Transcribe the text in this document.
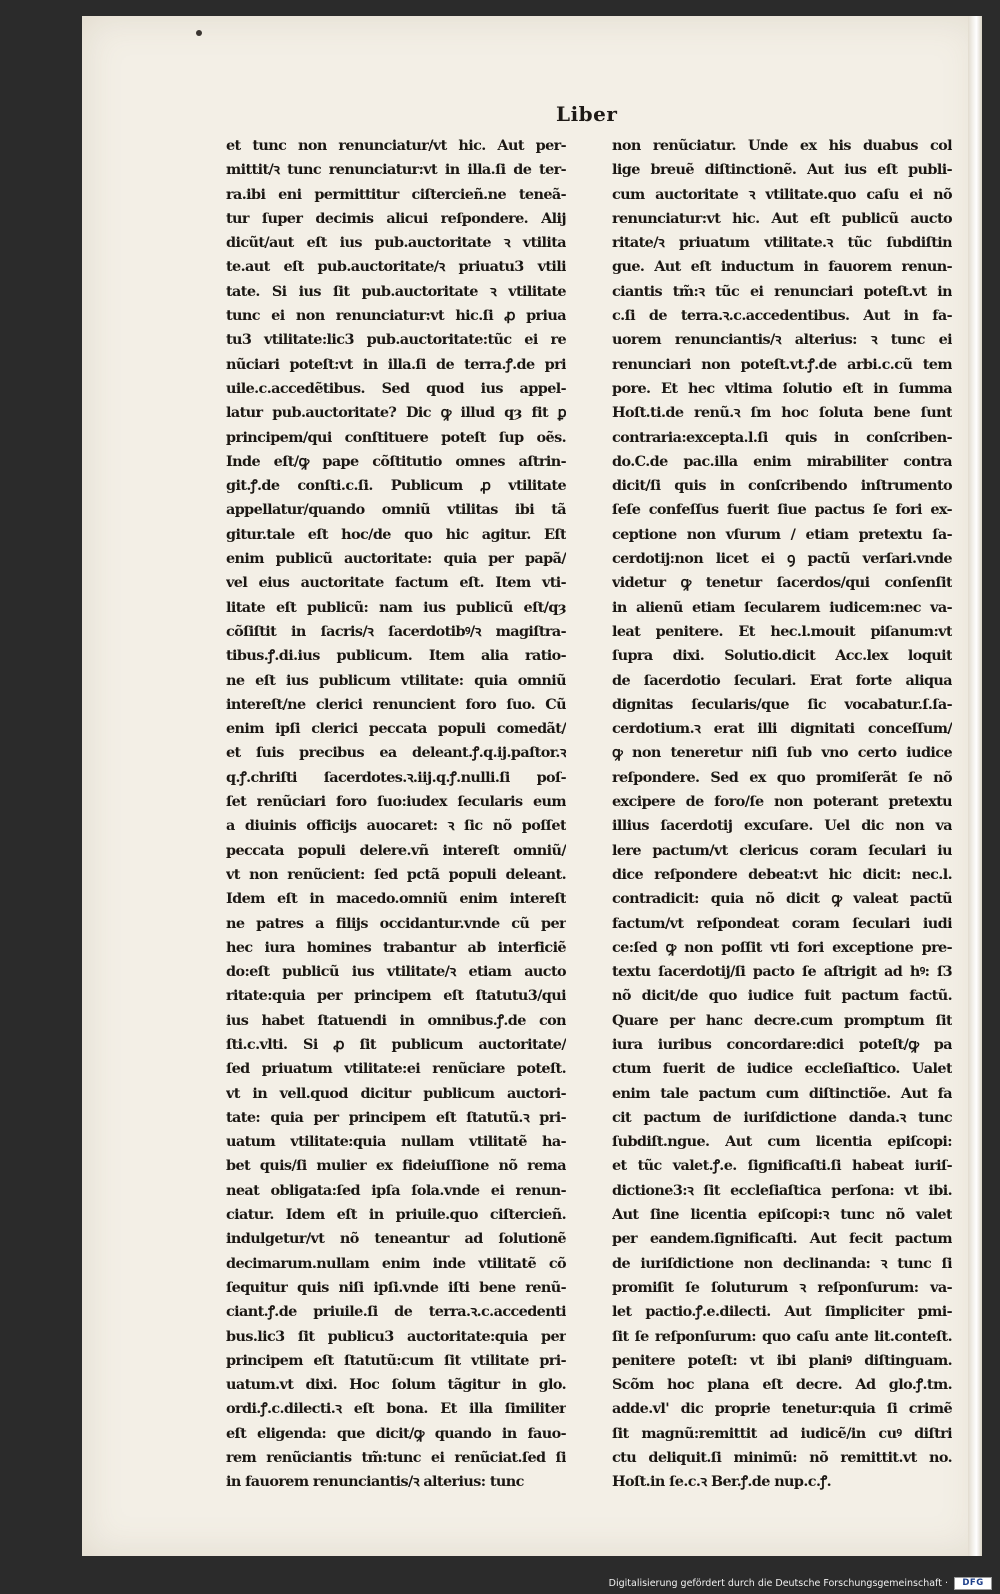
Liber
et tunc non renunciatur/vt hic. Aut per-
mittit/ꝛ tunc renunciatur:vt in illa.ſi de ter-
ra.ibi eni permittitur ciſtercieñ.ne teneã-
tur ſuper decimis alicui reſpondere. Alij
dicũt/aut eſt ius pub.auctoritate ꝛ vtilita
te.aut eſt pub.auctoritate/ꝛ priuatu3 vtili
tate. Si ius ſit pub.auctoritate ꝛ vtilitate
tunc ei non renunciatur:vt hic.ſi ꝓ priua
tu3 vtilitate:lic3 pub.auctoritate:tũc ei re
nũciari poteſt:vt in illa.ſi de terra.ꝭ.de pri
uile.c.accedẽtibus. Sed quod ius appel-
latur pub.auctoritate? Dic ꝙ illud qȝ fit ꝑ
principem/qui conſtituere poteſt ſup oẽs.
Inde eſt/ꝙ pape cõſtitutio omnes aſtrin-
git.ꝭ.de conſti.c.ſi. Publicum ꝓ vtilitate
appellatur/quando omniũ vtilitas ibi tã
gitur.tale eſt hoc/de quo hic agitur. Eſt
enim publicũ auctoritate: quia per papã/
vel eius auctoritate factum eſt. Item vti-
litate eſt publicũ: nam ius publicũ eſt/qȝ
cõſiſtit in ſacris/ꝛ ſacerdotibꝰ/ꝛ magiſtra-
tibus.ꝭ.di.ius publicum. Item alia ratio-
ne eſt ius publicum vtilitate: quia omniũ
intereſt/ne clerici renuncient foro ſuo. Cũ
enim ipſi clerici peccata populi comedãt/
et ſuis precibus ea deleant.ꝭ.q.ij.paſtor.ꝛ
q.ꝭ.chriſti ſacerdotes.ꝛ.iij.q.ꝭ.nulli.ſi poſ-
ſet renũciari foro ſuo:iudex ſecularis eum
a diuinis officijs auocaret: ꝛ ſic nõ poſſet
peccata populi delere.vñ intereſt omniũ/
vt non renũcient: ſed pctã populi deleant.
Idem eſt in macedo.omniũ enim intereſt
ne patres a filijs occidantur.vnde cũ per
hec iura homines trabantur ab interficiẽ
do:eſt publicũ ius vtilitate/ꝛ etiam aucto
ritate:quia per principem eſt ſtatutu3/qui
ius habet ſtatuendi in omnibus.ꝭ.de con
ſti.c.vlti. Si ꝓ ſit publicum auctoritate/
ſed priuatum vtilitate:ei renũciare poteſt.
vt in vell.quod dicitur publicum auctori-
tate: quia per principem eſt ſtatutũ.ꝛ pri-
uatum vtilitate:quia nullam vtilitatẽ ha-
bet quis/ſi mulier ex fideiuſſione nõ rema
neat obligata:ſed ipſa ſola.vnde ei renun-
ciatur. Idem eſt in priuile.quo ciſtercieñ.
indulgetur/vt nõ teneantur ad ſolutionẽ
decimarum.nullam enim inde vtilitatẽ cõ
ſequitur quis niſi ipſi.vnde iſti bene renũ-
ciant.ꝭ.de priuile.ſi de terra.ꝛ.c.accedenti
bus.lic3 ſit publicu3 auctoritate:quia per
principem eſt ſtatutũ:cum ſit vtilitate pri-
uatum.vt dixi. Hoc ſolum tãgitur in glo.
ordi.ꝭ.c.dilecti.ꝛ eſt bona. Et illa ſimiliter
eſt eligenda: que dicit/ꝙ quando in fauo-
rem renũciantis tm̃:tunc ei renũciat.ſed ſi
in fauorem renunciantis/ꝛ alterius: tunc
non renũciatur. Unde ex his duabus col
lige breuẽ diſtinctionẽ. Aut ius eſt publi-
cum auctoritate ꝛ vtilitate.quo caſu ei nõ
renunciatur:vt hic. Aut eſt publicũ aucto
ritate/ꝛ priuatum vtilitate.ꝛ tũc ſubdiſtin
gue. Aut eſt inductum in fauorem renun-
ciantis tm̃:ꝛ tũc ei renunciari poteſt.vt in
c.ſi de terra.ꝛ.c.accedentibus. Aut in fa-
uorem renunciantis/ꝛ alterius: ꝛ tunc ei
renunciari non poteſt.vt.ꝭ.de arbi.c.cũ tem
pore. Et hec vltima ſolutio eſt in ſumma
Hoſt.ti.de renũ.ꝛ ſm hoc ſoluta bene ſunt
contraria:excepta.l.ſi quis in conſcriben-
do.C.de pac.illa enim mirabiliter contra
dicit/ſi quis in conſcribendo inſtrumento
ſeſe confeſſus fuerit ſiue pactus ſe fori ex-
ceptione non vſurum / etiam pretextu ſa-
cerdotij:non licet ei ꝯ pactũ verſari.vnde
videtur ꝙ tenetur ſacerdos/qui conſenſit
in alienũ etiam ſecularem iudicem:nec va-
leat penitere. Et hec.l.mouit piſanum:vt
ſupra dixi. Solutio.dicit Acc.lex loquit
de ſacerdotio ſeculari. Erat forte aliqua
dignitas ſecularis/que ſic vocabatur.ſ.ſa-
cerdotium.ꝛ erat illi dignitati conceſſum/
ꝙ non teneretur niſi ſub vno certo iudice
reſpondere. Sed ex quo promiſerãt ſe nõ
excipere de foro/ſe non poterant pretextu
illius ſacerdotij excuſare. Uel dic non va
lere pactum/vt clericus coram ſeculari iu
dice reſpondere debeat:vt hic dicit: nec.l.
contradicit: quia nõ dicit ꝙ valeat pactũ
factum/vt reſpondeat coram ſeculari iudi
ce:ſed ꝙ non poſſit vti fori exceptione pre-
textu ſacerdotij/ſi pacto ſe aſtrigit ad hꝰ: ſ3
nõ dicit/de quo iudice fuit pactum factũ.
Quare per hanc decre.cum promptum ſit
iura iuribus concordare:dici poteſt/ꝙ pa
ctum fuerit de iudice eccleſiaſtico. Ualet
enim tale pactum cum diſtinctiõe. Aut fa
cit pactum de iuriſdictione danda.ꝛ tunc
ſubdiſt.ngue. Aut cum licentia epiſcopi:
et tũc valet.ꝭ.e. ſignificaſti.ſi habeat iuriſ-
dictione3:ꝛ ſit eccleſiaſtica perſona: vt ibi.
Aut ſine licentia epiſcopi:ꝛ tunc nõ valet
per eandem.ſignificaſti. Aut fecit pactum
de iuriſdictione non declinanda: ꝛ tunc ſi
promiſit ſe ſoluturum ꝛ reſponſurum: va-
let pactio.ꝭ.e.dilecti. Aut ſimpliciter pmi-
ſit ſe reſponſurum: quo caſu ante lit.conteſt.
penitere poteſt: vt ibi planiꝰ diſtinguam.
Scõm hoc plana eſt decre. Ad glo.ꝭ.tm.
adde.vl' dic proprie tenetur:quia ſi crimẽ
ſit magnũ:remittit ad iudicẽ/in cuꝰ diſtri
ctu deliquit.ſi minimũ: nõ remittit.vt no.
Hoſt.in ſe.c.ꝛ Ber.ꝭ.de nup.c.ꝭ.
Digitalisierung gefördert durch die Deutsche Forschungsgemeinschaft ·	DFG
